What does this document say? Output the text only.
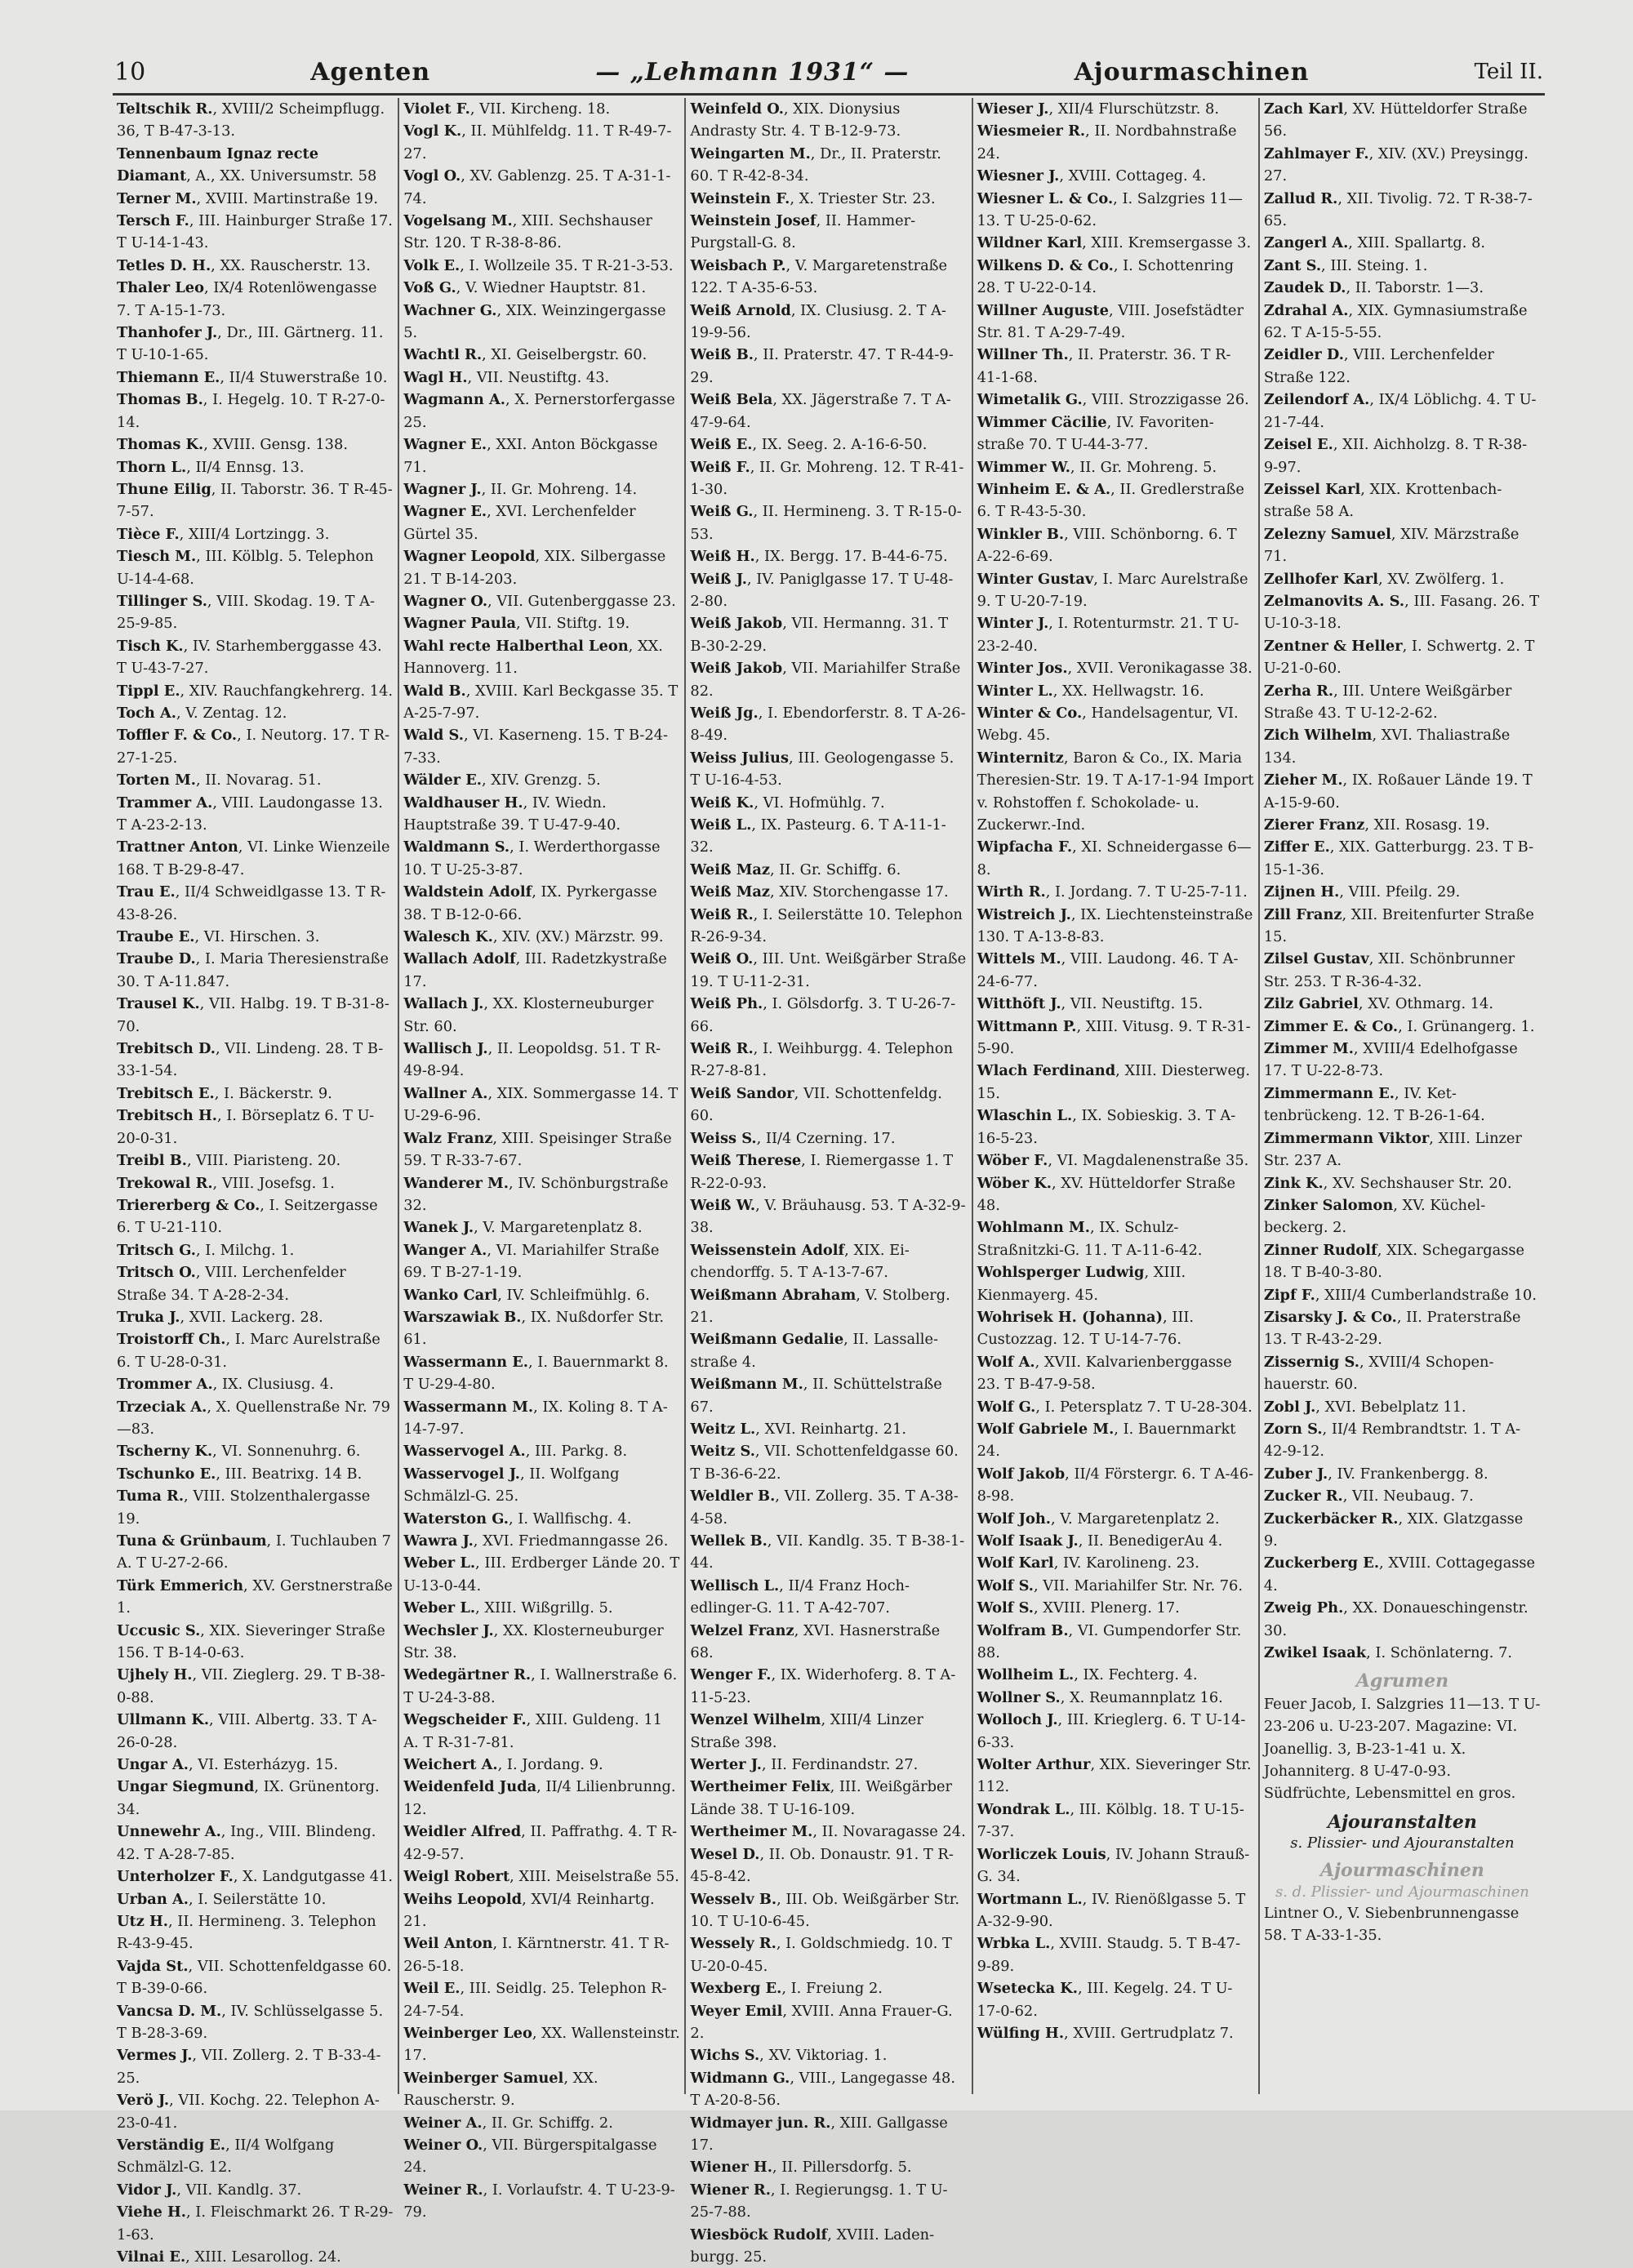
10	Agenten	— „Lehmann 1931“ —	Ajourmaschinen	Teil II.
Teltschik R., XVIII/2 Scheimpflugg. 36, T B-47-3-13.
Tennenbaum Ignaz recte Diamant, A., XX. Universumstr. 58
Terner M., XVIII. Martinstraße 19.
Tersch F., III. Hainburger Straße 17. T U-14-1-43.
Tetles D. H., XX. Rauscherstr. 13.
Thaler Leo, IX/4 Rotenlöwengasse 7. T A-15-1-73.
Thanhofer J., Dr., III. Gärtnerg. 11. T U-10-1-65.
Thiemann E., II/4 Stuwerstraße 10.
Thomas B., I. Hegelg. 10. T R-27-0-14.
Thomas K., XVIII. Gensg. 138.
Thorn L., II/4 Ennsg. 13.
Thune Eilig, II. Taborstr. 36. T R-45-7-57.
Tièce F., XIII/4 Lortzingg. 3.
Tiesch M., III. Kölblg. 5. Telephon U-14-4-68.
Tillinger S., VIII. Skodag. 19. T A-25-9-85.
Tisch K., IV. Starhemberggasse 43. T U-43-7-27.
Tippl E., XIV. Rauchfangkehrerg. 14.
Toch A., V. Zentag. 12.
Toffler F. & Co., I. Neutorg. 17. T R-27-1-25.
Torten M., II. Novarag. 51.
Trammer A., VIII. Laudongasse 13. T A-23-2-13.
Trattner Anton, VI. Linke Wienzeile 168. T B-29-8-47.
Trau E., II/4 Schweidlgasse 13. T R-43-8-26.
Traube E., VI. Hirschen. 3.
Traube D., I. Maria Theresienstraße 30. T A-11.847.
Trausel K., VII. Halbg. 19. T B-31-8-70.
Trebitsch D., VII. Lindeng. 28. T B-33-1-54.
Trebitsch E., I. Bäckerstr. 9.
Trebitsch H., I. Börseplatz 6. T U-20-0-31.
Treibl B., VIII. Piaristeng. 20.
Trekowal R., VIII. Josefsg. 1.
Triererberg & Co., I. Seitzergasse 6. T U-21-110.
Tritsch G., I. Milchg. 1.
Tritsch O., VIII. Lerchenfelder Straße 34. T A-28-2-34.
Truka J., XVII. Lackerg. 28.
Troistorff Ch., I. Marc Aurelstraße 6. T U-28-0-31.
Trommer A., IX. Clusiusg. 4.
Trzeciak A., X. Quellenstraße Nr. 79—83.
Tscherny K., VI. Sonnenuhrg. 6.
Tschunko E., III. Beatrixg. 14 B.
Tuma R., VIII. Stolzenthalergasse 19.
Tuna & Grünbaum, I. Tuchlauben 7 A. T U-27-2-66.
Türk Emmerich, XV. Gerstnerstraße 1.
Uccusic S., XIX. Sieveringer Straße 156. T B-14-0-63.
Ujhely H., VII. Zieglerg. 29. T B-38-0-88.
Ullmann K., VIII. Albertg. 33. T A-26-0-28.
Ungar A., VI. Esterházyg. 15.
Ungar Siegmund, IX. Grünentorg. 34.
Unnewehr A., Ing., VIII. Blindeng. 42. T A-28-7-85.
Unterholzer F., X. Landgutgasse 41.
Urban A., I. Seilerstätte 10.
Utz H., II. Hermineng. 3. Telephon R-43-9-45.
Vajda St., VII. Schottenfeldgasse 60. T B-39-0-66.
Vancsa D. M., IV. Schlüsselgasse 5. T B-28-3-69.
Vermes J., VII. Zollerg. 2. T B-33-4-25.
Verö J., VII. Kochg. 22. Telephon A-23-0-41.
Verständig E., II/4 Wolfgang Schmälzl-G. 12.
Vidor J., VII. Kandlg. 37.
Viehe H., I. Fleischmarkt 26. T R-29-1-63.
Vilnai E., XIII. Lesarollog. 24.
Violet F., VII. Kircheng. 18.
Vogl K., II. Mühlfeldg. 11. T R-49-7-27.
Vogl O., XV. Gablenzg. 25. T A-31-1-74.
Vogelsang M., XIII. Sechshauser Str. 120. T R-38-8-86.
Volk E., I. Wollzeile 35. T R-21-3-53.
Voß G., V. Wiedner Hauptstr. 81.
Wachner G., XIX. Weinzingergasse 5.
Wachtl R., XI. Geiselbergstr. 60.
Wagl H., VII. Neustiftg. 43.
Wagmann A., X. Pernerstorfergasse 25.
Wagner E., XXI. Anton Böckgasse 71.
Wagner J., II. Gr. Mohreng. 14.
Wagner E., XVI. Lerchenfelder Gürtel 35.
Wagner Leopold, XIX. Silbergasse 21. T B-14-203.
Wagner O., VII. Gutenberggasse 23.
Wagner Paula, VII. Stiftg. 19.
Wahl recte Halberthal Leon, XX. Hannoverg. 11.
Wald B., XVIII. Karl Beckgasse 35. T A-25-7-97.
Wald S., VI. Kaserneng. 15. T B-24-7-33.
Wälder E., XIV. Grenzg. 5.
Waldhauser H., IV. Wiedn. Hauptstraße 39. T U-47-9-40.
Waldmann S., I. Werderthorgasse 10. T U-25-3-87.
Waldstein Adolf, IX. Pyrkergasse 38. T B-12-0-66.
Walesch K., XIV. (XV.) Märzstr. 99.
Wallach Adolf, III. Radetzkystraße 17.
Wallach J., XX. Klosterneuburger Str. 60.
Wallisch J., II. Leopoldsg. 51. T R-49-8-94.
Wallner A., XIX. Sommergasse 14. T U-29-6-96.
Walz Franz, XIII. Speisinger Straße 59. T R-33-7-67.
Wanderer M., IV. Schönburgstraße 32.
Wanek J., V. Margaretenplatz 8.
Wanger A., VI. Mariahilfer Straße 69. T B-27-1-19.
Wanko Carl, IV. Schleifmühlg. 6.
Warszawiak B., IX. Nußdorfer Str. 61.
Wassermann E., I. Bauernmarkt 8. T U-29-4-80.
Wassermann M., IX. Koling 8. T A-14-7-97.
Wasservogel A., III. Parkg. 8.
Wasservogel J., II. Wolfgang Schmälzl-G. 25.
Waterston G., I. Wallfischg. 4.
Wawra J., XVI. Friedmanngasse 26.
Weber L., III. Erdberger Lände 20. T U-13-0-44.
Weber L., XIII. Wißgrillg. 5.
Wechsler J., XX. Klosterneuburger Str. 38.
Wedegärtner R., I. Wallnerstraße 6. T U-24-3-88.
Wegscheider F., XIII. Guldeng. 11 A. T R-31-7-81.
Weichert A., I. Jordang. 9.
Weidenfeld Juda, II/4 Lilienbrunng. 12.
Weidler Alfred, II. Paffrathg. 4. T R-42-9-57.
Weigl Robert, XIII. Meiselstraße 55.
Weihs Leopold, XVI/4 Reinhartg. 21.
Weil Anton, I. Kärntnerstr. 41. T R-26-5-18.
Weil E., III. Seidlg. 25. Telephon R-24-7-54.
Weinberger Leo, XX. Wallensteinstr. 17.
Weinberger Samuel, XX. Rauscherstr. 9.
Weiner A., II. Gr. Schiffg. 2.
Weiner O., VII. Bürgerspitalgasse 24.
Weiner R., I. Vorlaufstr. 4. T U-23-9-79.
Weinfeld O., XIX. Dionysius Andrasty Str. 4. T B-12-9-73.
Weingarten M., Dr., II. Praterstr. 60. T R-42-8-34.
Weinstein F., X. Triester Str. 23.
Weinstein Josef, II. HammerPurgstall-G. 8.
Weisbach P., V. Margaretenstraße 122. T A-35-6-53.
Weiß Arnold, IX. Clusiusg. 2. T A-19-9-56.
Weiß B., II. Praterstr. 47. T R-44-9-29.
Weiß Bela, XX. Jägerstraße 7. T A-47-9-64.
Weiß E., IX. Seeg. 2. A-16-6-50.
Weiß F., II. Gr. Mohreng. 12. T R-41-1-30.
Weiß G., II. Hermineng. 3. T R-15-0-53.
Weiß H., IX. Bergg. 17. B-44-6-75.
Weiß J., IV. Paniglgasse 17. T U-48-2-80.
Weiß Jakob, VII. Hermanng. 31. T B-30-2-29.
Weiß Jakob, VII. Mariahilfer Straße 82.
Weiß Jg., I. Ebendorferstr. 8. T A-26-8-49.
Weiss Julius, III. Geologengasse 5. T U-16-4-53.
Weiß K., VI. Hofmühlg. 7.
Weiß L., IX. Pasteurg. 6. T A-11-1-32.
Weiß Maz, II. Gr. Schiffg. 6.
Weiß Maz, XIV. Storchengasse 17.
Weiß R., I. Seilerstätte 10. Telephon R-26-9-34.
Weiß O., III. Unt. Weißgärber Straße 19. T U-11-2-31.
Weiß Ph., I. Gölsdorfg. 3. T U-26-7-66.
Weiß R., I. Weihburgg. 4. Telephon R-27-8-81.
Weiß Sandor, VII. Schottenfeldg. 60.
Weiss S., II/4 Czerning. 17.
Weiß Therese, I. Riemergasse 1. T R-22-0-93.
Weiß W., V. Bräuhausg. 53. T A-32-9-38.
Weissenstein Adolf, XIX. Eichendorffg. 5. T A-13-7-67.
Weißmann Abraham, V. Stolberg. 21.
Weißmann Gedalie, II. Lassallestraße 4.
Weißmann M., II. Schüttelstraße 67.
Weitz L., XVI. Reinhartg. 21.
Weitz S., VII. Schottenfeldgasse 60. T B-36-6-22.
Weldler B., VII. Zollerg. 35. T A-38-4-58.
Wellek B., VII. Kandlg. 35. T B-38-1-44.
Wellisch L., II/4 Franz Hochedlinger-G. 11. T A-42-707.
Welzel Franz, XVI. Hasnerstraße 68.
Wenger F., IX. Widerhoferg. 8. T A-11-5-23.
Wenzel Wilhelm, XIII/4 Linzer Straße 398.
Werter J., II. Ferdinandstr. 27.
Wertheimer Felix, III. Weißgärber Lände 38. T U-16-109.
Wertheimer M., II. Novaragasse 24.
Wesel D., II. Ob. Donaustr. 91. T R-45-8-42.
Wesselv B., III. Ob. Weißgärber Str. 10. T U-10-6-45.
Wessely R., I. Goldschmiedg. 10. T U-20-0-45.
Wexberg E., I. Freiung 2.
Weyer Emil, XVIII. Anna Frauer-G. 2.
Wichs S., XV. Viktoriag. 1.
Widmann G., VIII., Langegasse 48. T A-20-8-56.
Widmayer jun. R., XIII. Gallgasse 17.
Wiener H., II. Pillersdorfg. 5.
Wiener R., I. Regierungsg. 1. T U-25-7-88.
Wiesböck Rudolf, XVIII. Ladenburgg. 25.
Wieser J., XII/4 Flurschützstr. 8.
Wiesmeier R., II. Nordbahnstraße 24.
Wiesner J., XVIII. Cottageg. 4.
Wiesner L. & Co., I. Salzgries 11—13. T U-25-0-62.
Wildner Karl, XIII. Kremsergasse 3.
Wilkens D. & Co., I. Schottenring 28. T U-22-0-14.
Willner Auguste, VIII. Josefstädter Str. 81. T A-29-7-49.
Willner Th., II. Praterstr. 36. T R-41-1-68.
Wimetalik G., VIII. Strozzigasse 26.
Wimmer Cäcilie, IV. Favoritenstraße 70. T U-44-3-77.
Wimmer W., II. Gr. Mohreng. 5.
Winheim E. & A., II. Gredlerstraße 6. T R-43-5-30.
Winkler B., VIII. Schönborng. 6. T A-22-6-69.
Winter Gustav, I. Marc Aurelstraße 9. T U-20-7-19.
Winter J., I. Rotenturmstr. 21. T U-23-2-40.
Winter Jos., XVII. Veronikagasse 38.
Winter L., XX. Hellwagstr. 16.
Winter & Co., Handelsagentur, VI. Webg. 45.
Winternitz, Baron & Co., IX. Maria Theresien-Str. 19. T A-17-1-94 Import v. Rohstoffen f. Schokolade- u. Zuckerwr.-Ind.
Wipfacha F., XI. Schneidergasse 6—8.
Wirth R., I. Jordang. 7. T U-25-7-11.
Wistreich J., IX. Liechtensteinstraße 130. T A-13-8-83.
Wittels M., VIII. Laudong. 46. T A-24-6-77.
Witthöft J., VII. Neustiftg. 15.
Wittmann P., XIII. Vitusg. 9. T R-31-5-90.
Wlach Ferdinand, XIII. Diesterweg. 15.
Wlaschin L., IX. Sobieskig. 3. T A-16-5-23.
Wöber F., VI. Magdalenenstraße 35.
Wöber K., XV. Hütteldorfer Straße 48.
Wohlmann M., IX. SchulzStraßnitzki-G. 11. T A-11-6-42.
Wohlsperger Ludwig, XIII. Kienmayerg. 45.
Wohrisek H. (Johanna), III. Custozzag. 12. T U-14-7-76.
Wolf A., XVII. Kalvarienberggasse 23. T B-47-9-58.
Wolf G., I. Petersplatz 7. T U-28-304.
Wolf Gabriele M., I. Bauernmarkt 24.
Wolf Jakob, II/4 Förstergr. 6. T A-46-8-98.
Wolf Joh., V. Margaretenplatz 2.
Wolf Isaak J., II. BenedigerAu 4.
Wolf Karl, IV. Karolineng. 23.
Wolf S., VII. Mariahilfer Str. Nr. 76.
Wolf S., XVIII. Plenerg. 17.
Wolfram B., VI. Gumpendorfer Str. 88.
Wollheim L., IX. Fechterg. 4.
Wollner S., X. Reumannplatz 16.
Wolloch J., III. Krieglerg. 6. T U-14-6-33.
Wolter Arthur, XIX. Sieveringer Str. 112.
Wondrak L., III. Kölblg. 18. T U-15-7-37.
Worliczek Louis, IV. Johann Strauß-G. 34.
Wortmann L., IV. Rienößlgasse 5. T A-32-9-90.
Wrbka L., XVIII. Staudg. 5. T B-47-9-89.
Wsetecka K., III. Kegelg. 24. T U-17-0-62.
Wülfing H., XVIII. Gertrudplatz 7.
Zach Karl, XV. Hütteldorfer Straße 56.
Zahlmayer F., XIV. (XV.) Preysingg. 27.
Zallud R., XII. Tivolig. 72. T R-38-7-65.
Zangerl A., XIII. Spallartg. 8.
Zant S., III. Steing. 1.
Zaudek D., II. Taborstr. 1—3.
Zdrahal A., XIX. Gymnasiumstraße 62. T A-15-5-55.
Zeidler D., VIII. Lerchenfelder Straße 122.
Zeilendorf A., IX/4 Löblichg. 4. T U-21-7-44.
Zeisel E., XII. Aichholzg. 8. T R-38-9-97.
Zeissel Karl, XIX. Krottenbachstraße 58 A.
Zelezny Samuel, XIV. Märzstraße 71.
Zellhofer Karl, XV. Zwölferg. 1.
Zelmanovits A. S., III. Fasang. 26. T U-10-3-18.
Zentner & Heller, I. Schwertg. 2. T U-21-0-60.
Zerha R., III. Untere Weißgärber Straße 43. T U-12-2-62.
Zich Wilhelm, XVI. Thaliastraße 134.
Zieher M., IX. Roßauer Lände 19. T A-15-9-60.
Zierer Franz, XII. Rosasg. 19.
Ziffer E., XIX. Gatterburgg. 23. T B-15-1-36.
Zijnen H., VIII. Pfeilg. 29.
Zill Franz, XII. Breitenfurter Straße 15.
Zilsel Gustav, XII. Schönbrunner Str. 253. T R-36-4-32.
Zilz Gabriel, XV. Othmarg. 14.
Zimmer E. & Co., I. Grünangerg. 1.
Zimmer M., XVIII/4 Edelhofgasse 17. T U-22-8-73.
Zimmermann E., IV. Kettenbrückeng. 12. T B-26-1-64.
Zimmermann Viktor, XIII. Linzer Str. 237 A.
Zink K., XV. Sechshauser Str. 20.
Zinker Salomon, XV. Küchelbeckerg. 2.
Zinner Rudolf, XIX. Schegargasse 18. T B-40-3-80.
Zipf F., XIII/4 Cumberlandstraße 10.
Zisarsky J. & Co., II. Praterstraße 13. T R-43-2-29.
Zissernig S., XVIII/4 Schopenhauerstr. 60.
Zobl J., XVI. Bebelplatz 11.
Zorn S., II/4 Rembrandtstr. 1. T A-42-9-12.
Zuber J., IV. Frankenbergg. 8.
Zucker R., VII. Neubaug. 7.
Zuckerbäcker R., XIX. Glatzgasse 9.
Zuckerberg E., XVIII. Cottagegasse 4.
Zweig Ph., XX. Donaueschingenstr. 30.
Zwikel Isaak, I. Schönlaterng. 7.
Agrumen
Feuer Jacob, I. Salzgries 11—13. T U-23-206 u. U-23-207. Magazine: VI. Joanellig. 3, B-23-1-41 u. X. Johanniterg. 8 U-47-0-93. Südfrüchte, Lebensmittel en gros.
Ajouranstalten
s. Plissier- und Ajouranstalten
Ajourmaschinen
s. d. Plissier- und Ajourmaschinen
Lintner O., V. Siebenbrunnengasse 58. T A-33-1-35.
